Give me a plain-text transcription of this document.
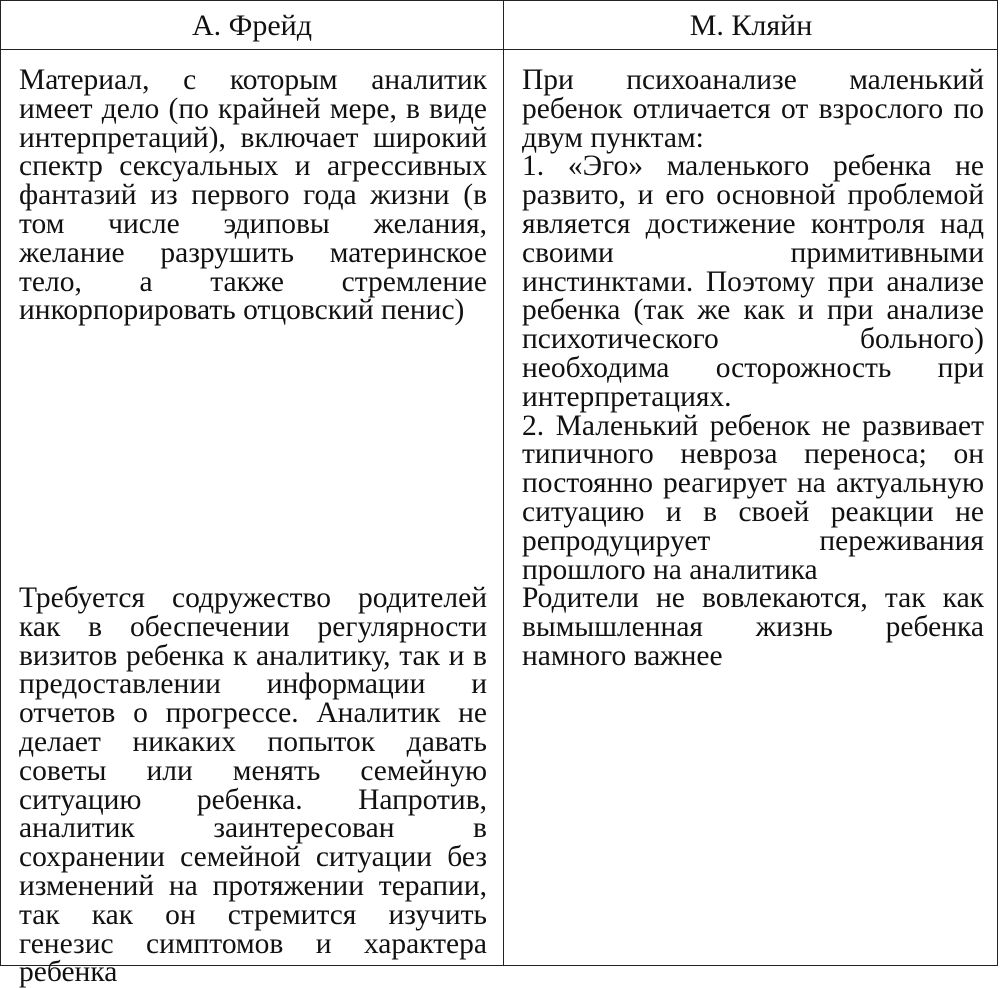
А. Фрейд	М. Кляйн
Материал, с которым аналитик имеет дело (по крайней мере, в виде интерпретаций), включает широкий спектр сексуальных и агрессивных фантазий из первого года жизни (в том числе эдиповы желания, желание разрушить материнское тело, а также стремление инкорпорировать отцовский пенис)
При психоанализе маленький ребенок отличается от взрослого по двум пунктам:
1. «Эго» маленького ребенка не развито, и его основной проблемой является достижение контроля над своими примитивными инстинктами. Поэтому при анализе ребенка (так же как и при анализе психотического больного) необходима осторожность при интерпретациях.
2. Маленький ребенок не развивает типичного невроза переноса; он постоянно реагирует на актуальную ситуацию и в своей реакции не репродуцирует переживания прошлого на аналитика
Требуется содружество родителей как в обеспечении регулярности визитов ребенка к аналитику, так и в предоставлении информации и отчетов о прогрессе. Аналитик не делает никаких попыток давать советы или менять семейную ситуацию ребенка. Напротив, аналитик заинтересован в сохранении семейной ситуации без изменений на протяжении терапии, так как он стремится изучить генезис симптомов и характера ребенка
Родители не вовлекаются, так как вымышленная жизнь ребенка намного важнее
